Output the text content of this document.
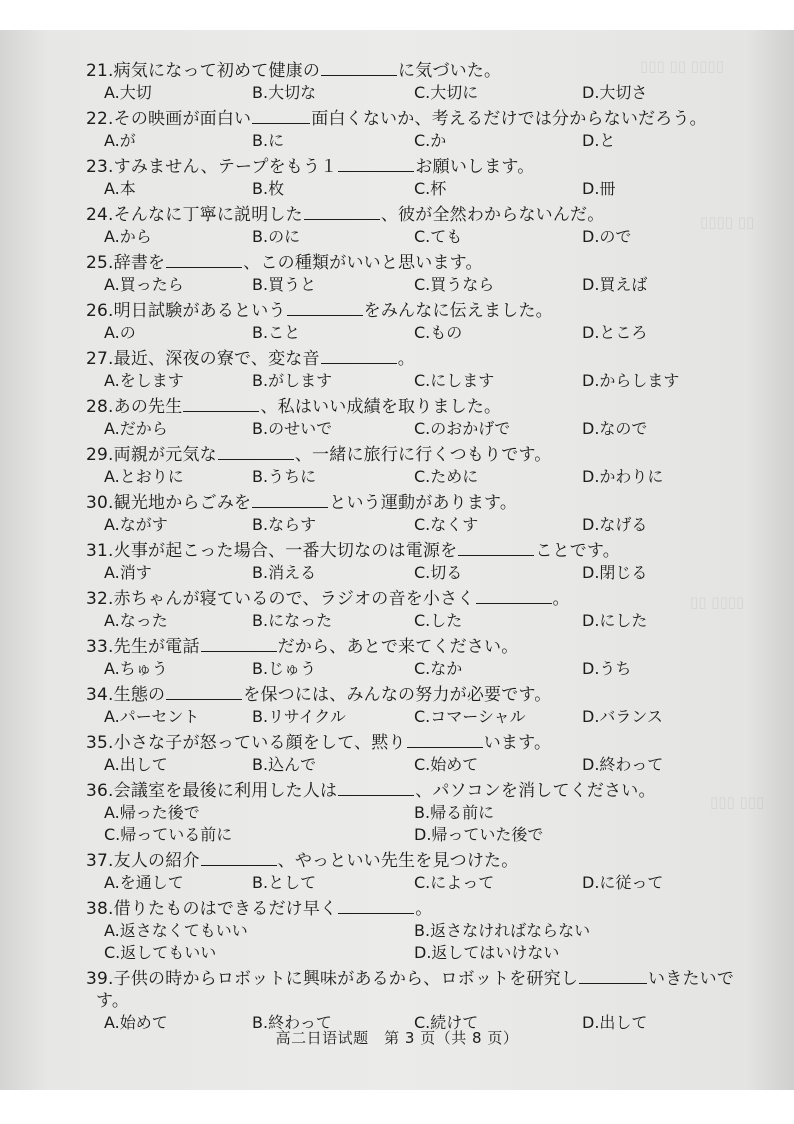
▯▯▯ ▯▯ ▯▯▯▯
▯▯▯▯ ▯▯
▯▯ ▯▯▯▯
▯▯▯ ▯▯▯
21.病気になって初めて健康の	に気づいた。
A.大切	B.大切な	C.大切に	D.大切さ
22.その映画が面白い	面白くないか、考えるだけでは分からないだろう。
A.が	B.に	C.か	D.と
23.すみません、テープをもう１	お願いします。
A.本	B.枚	C.杯	D.冊
24.そんなに丁寧に説明した	、彼が全然わからないんだ。
A.から	B.のに	C.ても	D.ので
25.辞書を	、この種類がいいと思います。
A.買ったら	B.買うと	C.買うなら	D.買えば
26.明日試験があるという	をみんなに伝えました。
A.の	B.こと	C.もの	D.ところ
27.最近、深夜の寮で、変な音	。
A.をします	B.がします	C.にします	D.からします
28.あの先生	、私はいい成績を取りました。
A.だから	B.のせいで	C.のおかげで	D.なので
29.両親が元気な	、一緒に旅行に行くつもりです。
A.とおりに	B.うちに	C.ために	D.かわりに
30.観光地からごみを	という運動があります。
A.ながす	B.ならす	C.なくす	D.なげる
31.火事が起こった場合、一番大切なのは電源を	ことです。
A.消す	B.消える	C.切る	D.閉じる
32.赤ちゃんが寝ているので、ラジオの音を小さく	。
A.なった	B.になった	C.した	D.にした
33.先生が電話	だから、あとで来てください。
A.ちゅう	B.じゅう	C.なか	D.うち
34.生態の	を保つには、みんなの努力が必要です。
A.パーセント	B.リサイクル	C.コマーシャル	D.バランス
35.小さな子が怒っている顔をして、黙り	います。
A.出して	B.込んで	C.始めて	D.終わって
36.会議室を最後に利用した人は	、パソコンを消してください。
A.帰った後で	B.帰る前に
C.帰っている前に	D.帰っていた後で
37.友人の紹介	、やっといい先生を見つけた。
A.を通して	B.として	C.によって	D.に従って
38.借りたものはできるだけ早く	。
A.返さなくてもいい	B.返さなければならない
C.返してもいい	D.返してはいけない
39.子供の時からロボットに興味があるから、ロボットを研究し	いきたいです。
A.始めて	B.終わって	C.続けて	D.出して
高二日语试题　第 3 页（共 8 页）
